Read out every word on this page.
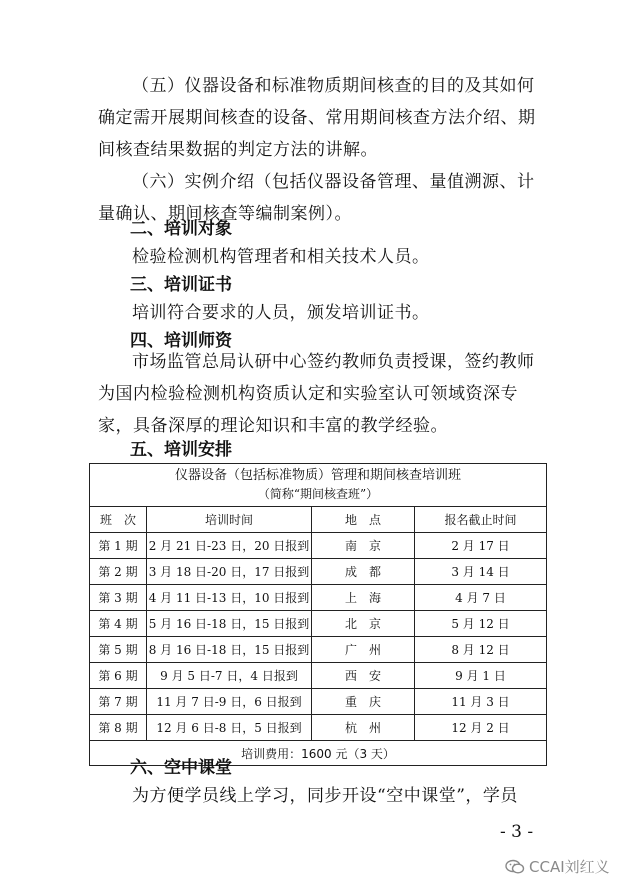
（五）仪器设备和标准物质期间核查的目的及其如何确定需开展期间核查的设备、常用期间核查方法介绍、期间核查结果数据的判定方法的讲解。
（六）实例介绍（包括仪器设备管理、量值溯源、计量确认、期间核查等编制案例）。
二、培训对象
检验检测机构管理者和相关技术人员。
三、培训证书
培训符合要求的人员，颁发培训证书。
四、培训师资
市场监管总局认研中心签约教师负责授课，签约教师为国内检验检测机构资质认定和实验室认可领域资深专家，具备深厚的理论知识和丰富的教学经验。
五、培训安排
仪器设备（包括标准物质）管理和期间核查培训班
（简称“期间核查班”）			

班　次	培训时间	地　点	报名截止时间
第 1 期	2 月 21 日-23 日，20 日报到	南　京	2 月 17 日
第 2 期	3 月 18 日-20 日，17 日报到	成　都	3 月 14 日
第 3 期	4 月 11 日-13 日，10 日报到	上　海	4 月 7 日
第 4 期	5 月 16 日-18 日，15 日报到	北　京	5 月 12 日
第 5 期	8 月 16 日-18 日，15 日报到	广　州	8 月 12 日
第 6 期	9 月 5 日-7 日，4 日报到	西　安	9 月 1 日
第 7 期	11 月 7 日-9 日，6 日报到	重　庆	11 月 3 日
第 8 期	12 月 6 日-8 日，5 日报到	杭　州	12 月 2 日
培训费用：1600 元（3 天）			
六、空中课堂
为方便学员线上学习，同步开设“空中课堂”，学员
- 3 -
CCAI刘红义
